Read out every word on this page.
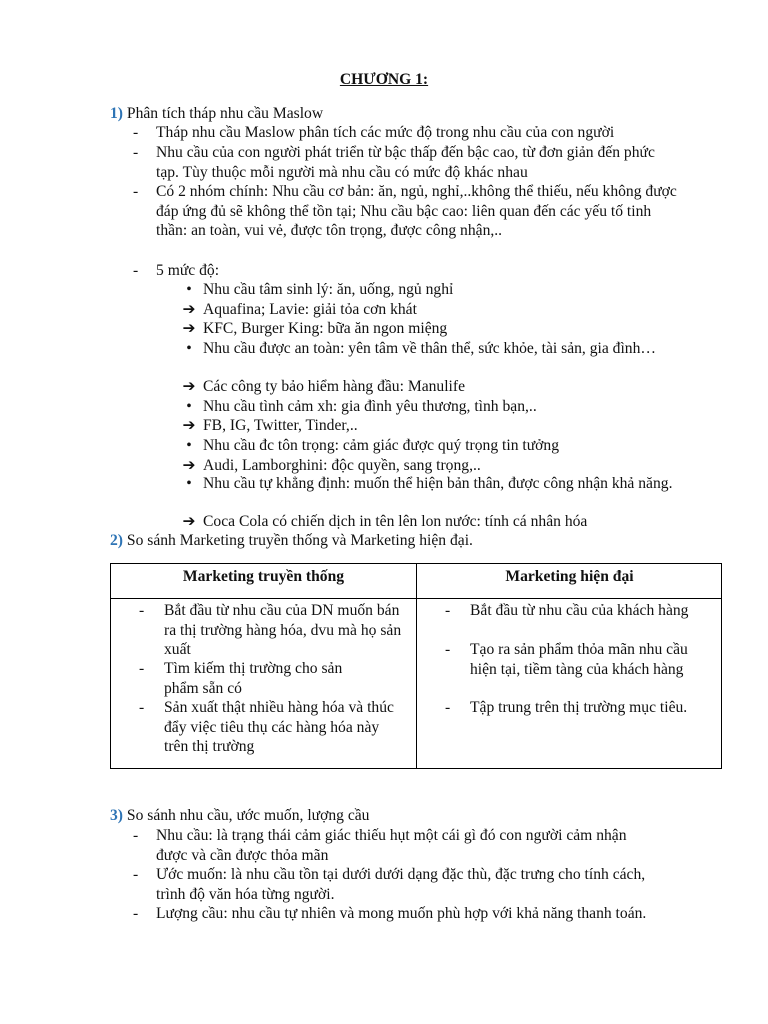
CHƯƠNG 1:
1) Phân tích tháp nhu cầu Maslow
- Tháp nhu cầu Maslow phân tích các mức độ trong nhu cầu của con người
- Nhu cầu của con người phát triển từ bậc thấp đến bậc cao, từ đơn giản đến phức tạp. Tùy thuộc mỗi người mà nhu cầu có mức độ khác nhau
- Có 2 nhóm chính: Nhu cầu cơ bản: ăn, ngủ, nghỉ,..không thể thiếu, nếu không được đáp ứng đủ sẽ không thể tồn tại; Nhu cầu bậc cao: liên quan đến các yếu tố tinh thần: an toàn, vui vẻ, được tôn trọng, được công nhận,..
- 5 mức độ:
• Nhu cầu tâm sinh lý: ăn, uống, ngủ nghỉ
➔ Aquafina; Lavie: giải tỏa cơn khát
➔ KFC, Burger King: bữa ăn ngon miệng
• Nhu cầu được an toàn: yên tâm về thân thể, sức khỏe, tài sản, gia đình…
➔ Các công ty bảo hiểm hàng đầu: Manulife
• Nhu cầu tình cảm xh: gia đình yêu thương, tình bạn,..
➔ FB, IG, Twitter, Tinder,..
• Nhu cầu đc tôn trọng: cảm giác được quý trọng tin tưởng
➔ Audi, Lamborghini: độc quyền, sang trọng,..
• Nhu cầu tự khẳng định: muốn thể hiện bản thân, được công nhận khả năng.
➔ Coca Cola có chiến dịch in tên lên lon nước: tính cá nhân hóa
2) So sánh Marketing truyền thống và Marketing hiện đại.
Marketing truyền thống	Marketing hiện đại
- Bắt đầu từ nhu cầu của DN muốn bán ra thị trường hàng hóa, dvu mà họ sản xuất
- Tìm kiếm thị trường cho sản phẩm sẵn có
- Sản xuất thật nhiều hàng hóa và thúc đẩy việc tiêu thụ các hàng hóa này trên thị trường
- Bắt đầu từ nhu cầu của khách hàng
- Tạo ra sản phẩm thỏa mãn nhu cầu hiện tại, tiềm tàng của khách hàng
- Tập trung trên thị trường mục tiêu.
3) So sánh nhu cầu, ước muốn, lượng cầu
- Nhu cầu: là trạng thái cảm giác thiếu hụt một cái gì đó con người cảm nhận được và cần được thỏa mãn
- Ước muốn: là nhu cầu tồn tại dưới dưới dạng đặc thù, đặc trưng cho tính cách, trình độ văn hóa từng người.
- Lượng cầu: nhu cầu tự nhiên và mong muốn phù hợp với khả năng thanh toán.
